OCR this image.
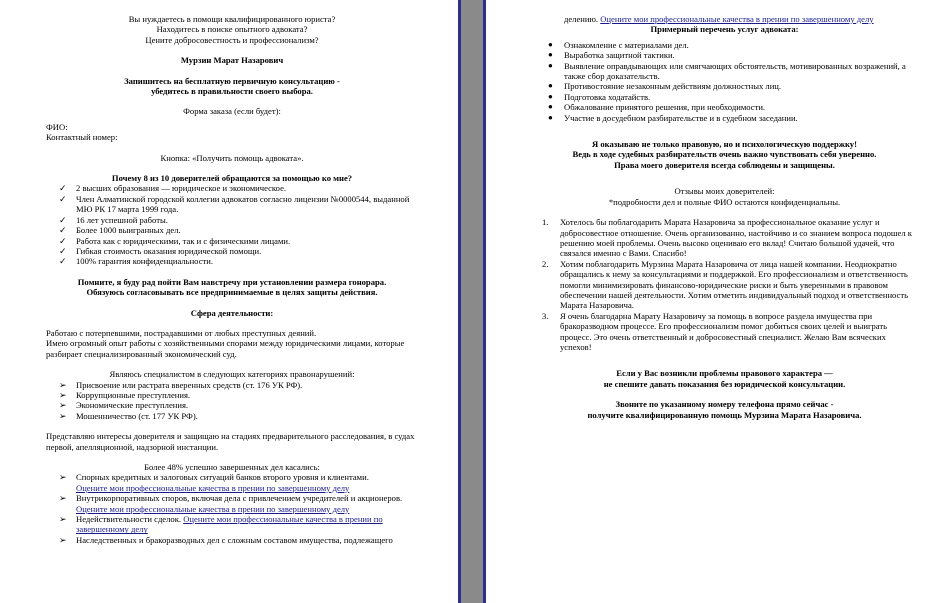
Вы нуждаетесь в помощи квалифицированного юриста?

Находитесь в поиске опытного адвоката?

Цените добросовестность и профессионализм?

Мурзин Марат Назарович

Запишитесь на бесплатную первичную консультацию -

убедитесь в правильности своего выбора.

Форма заказа (если будет):

ФИО:

Контактный номер:

Кнопка: «Получить помощь адвоката».

Почему 8 из 10 доверителей обращаются за помощью ко мне?

✓ 2 высших образования — юридическое и экономическое.
✓ Член Алматинской городской коллегии адвокатов согласно лицензии №0000544, выданной МЮ РК 17 марта 1999 года.
✓ 16 лет успешной работы.
✓ Более 1000 выигранных дел.
✓ Работа как с юридическими, так и с физическими лицами.
✓ Гибкая стоимость оказания юридической помощи.
✓ 100% гарантия конфиденциальности.

Помните, я буду рад пойти Вам навстречу при установлении размера гонорара.

Обязуюсь согласовывать все предпринимаемые в целях защиты действия.

Сфера деятельности:

Работаю с потерпевшими, пострадавшими от любых преступных деяний.

Имею огромный опыт работы с хозяйственными спорами между юридическими лицами, которые разбирает специализированный экономический суд.

Являюсь специалистом в следующих категориях правонарушений:

➢ Присвоение или растрата вверенных средств (ст. 176 УК РФ).
➢ Коррупционные преступления.
➢ Экономические преступления.
➢ Мошенничество (ст. 177 УК РФ).

Представляю интересы доверителя и защищаю на стадиях предварительного расследования, в судах первой, апелляционной, надзорной инстанции.

Более 48% успешно завершенных дел касались:

➢ Спорных кредитных и залоговых ситуаций банков второго уровня и клиентами.
Оцените мои профессиональные качества в прении по завершенному делу
➢ Внутрикорпоративных споров, включая дела с привлечением учредителей и акционеров. Оцените мои профессиональные качества в прении по завершенному делу
➢ Недействительности сделок. Оцените мои профессиональные качества в прении по завершенному делу
➢ Наследственных и бракоразводных дел с сложным составом имущества, подлежащего

делению. Оцените мои профессиональные качества в прении по завершенному делу

Примерный перечень услуг адвоката:

● Ознакомление с материалами дел.
● Выработка защитной тактики.
● Выявление оправдывающих или смягчающих обстоятельств, мотивированных возражений, а также сбор доказательств.
● Противостояние незаконным действиям должностных лиц.
● Подготовка ходатайств.
● Обжалование принятого решения, при необходимости.
● Участие в досудебном разбирательстве и в судебном заседании.

Я оказываю не только правовую, но и психологическую поддержку!

Ведь в ходе судебных разбирательств очень важно чувствовать себя уверенно.

Права моего доверителя всегда соблюдены и защищены.

Отзывы моих доверителей:

*подробности дел и полные ФИО остаются конфиденциальны.

1. Хотелось бы поблагодарить Марата Назаровича за профессиональное оказание услуг и добросовестное отношение. Очень организованно, настойчиво и со знанием вопроса подошел к решению моей проблемы. Очень высоко оцениваю его вклад! Считаю большой удачей, что связался именно с Вами. Спасибо!
2. Хотим поблагодарить Мурзина Марата Назаровича от лица нашей компании. Неоднократно обращались к нему за консультациями и поддержкой. Его профессионализм и ответственность помогли минимизировать финансово-юридические риски и быть уверенными в правовом обеспечении нашей деятельности. Хотим отметить индивидуальный подход и ответственность Марата Назаровича.
3. Я очень благодарна Марату Назаровичу за помощь в вопросе раздела имущества при бракоразводном процессе. Его профессионализм помог добиться своих целей и выиграть процесс. Это очень ответственный и добросовестный специалист. Желаю Вам всяческих успехов!

Если у Вас возникли проблемы правового характера —

не спешите давать показания без юридической консультации.

Звоните по указанному номеру телефона прямо сейчас -

получите квалифицированную помощь Мурзина Марата Назаровича.
